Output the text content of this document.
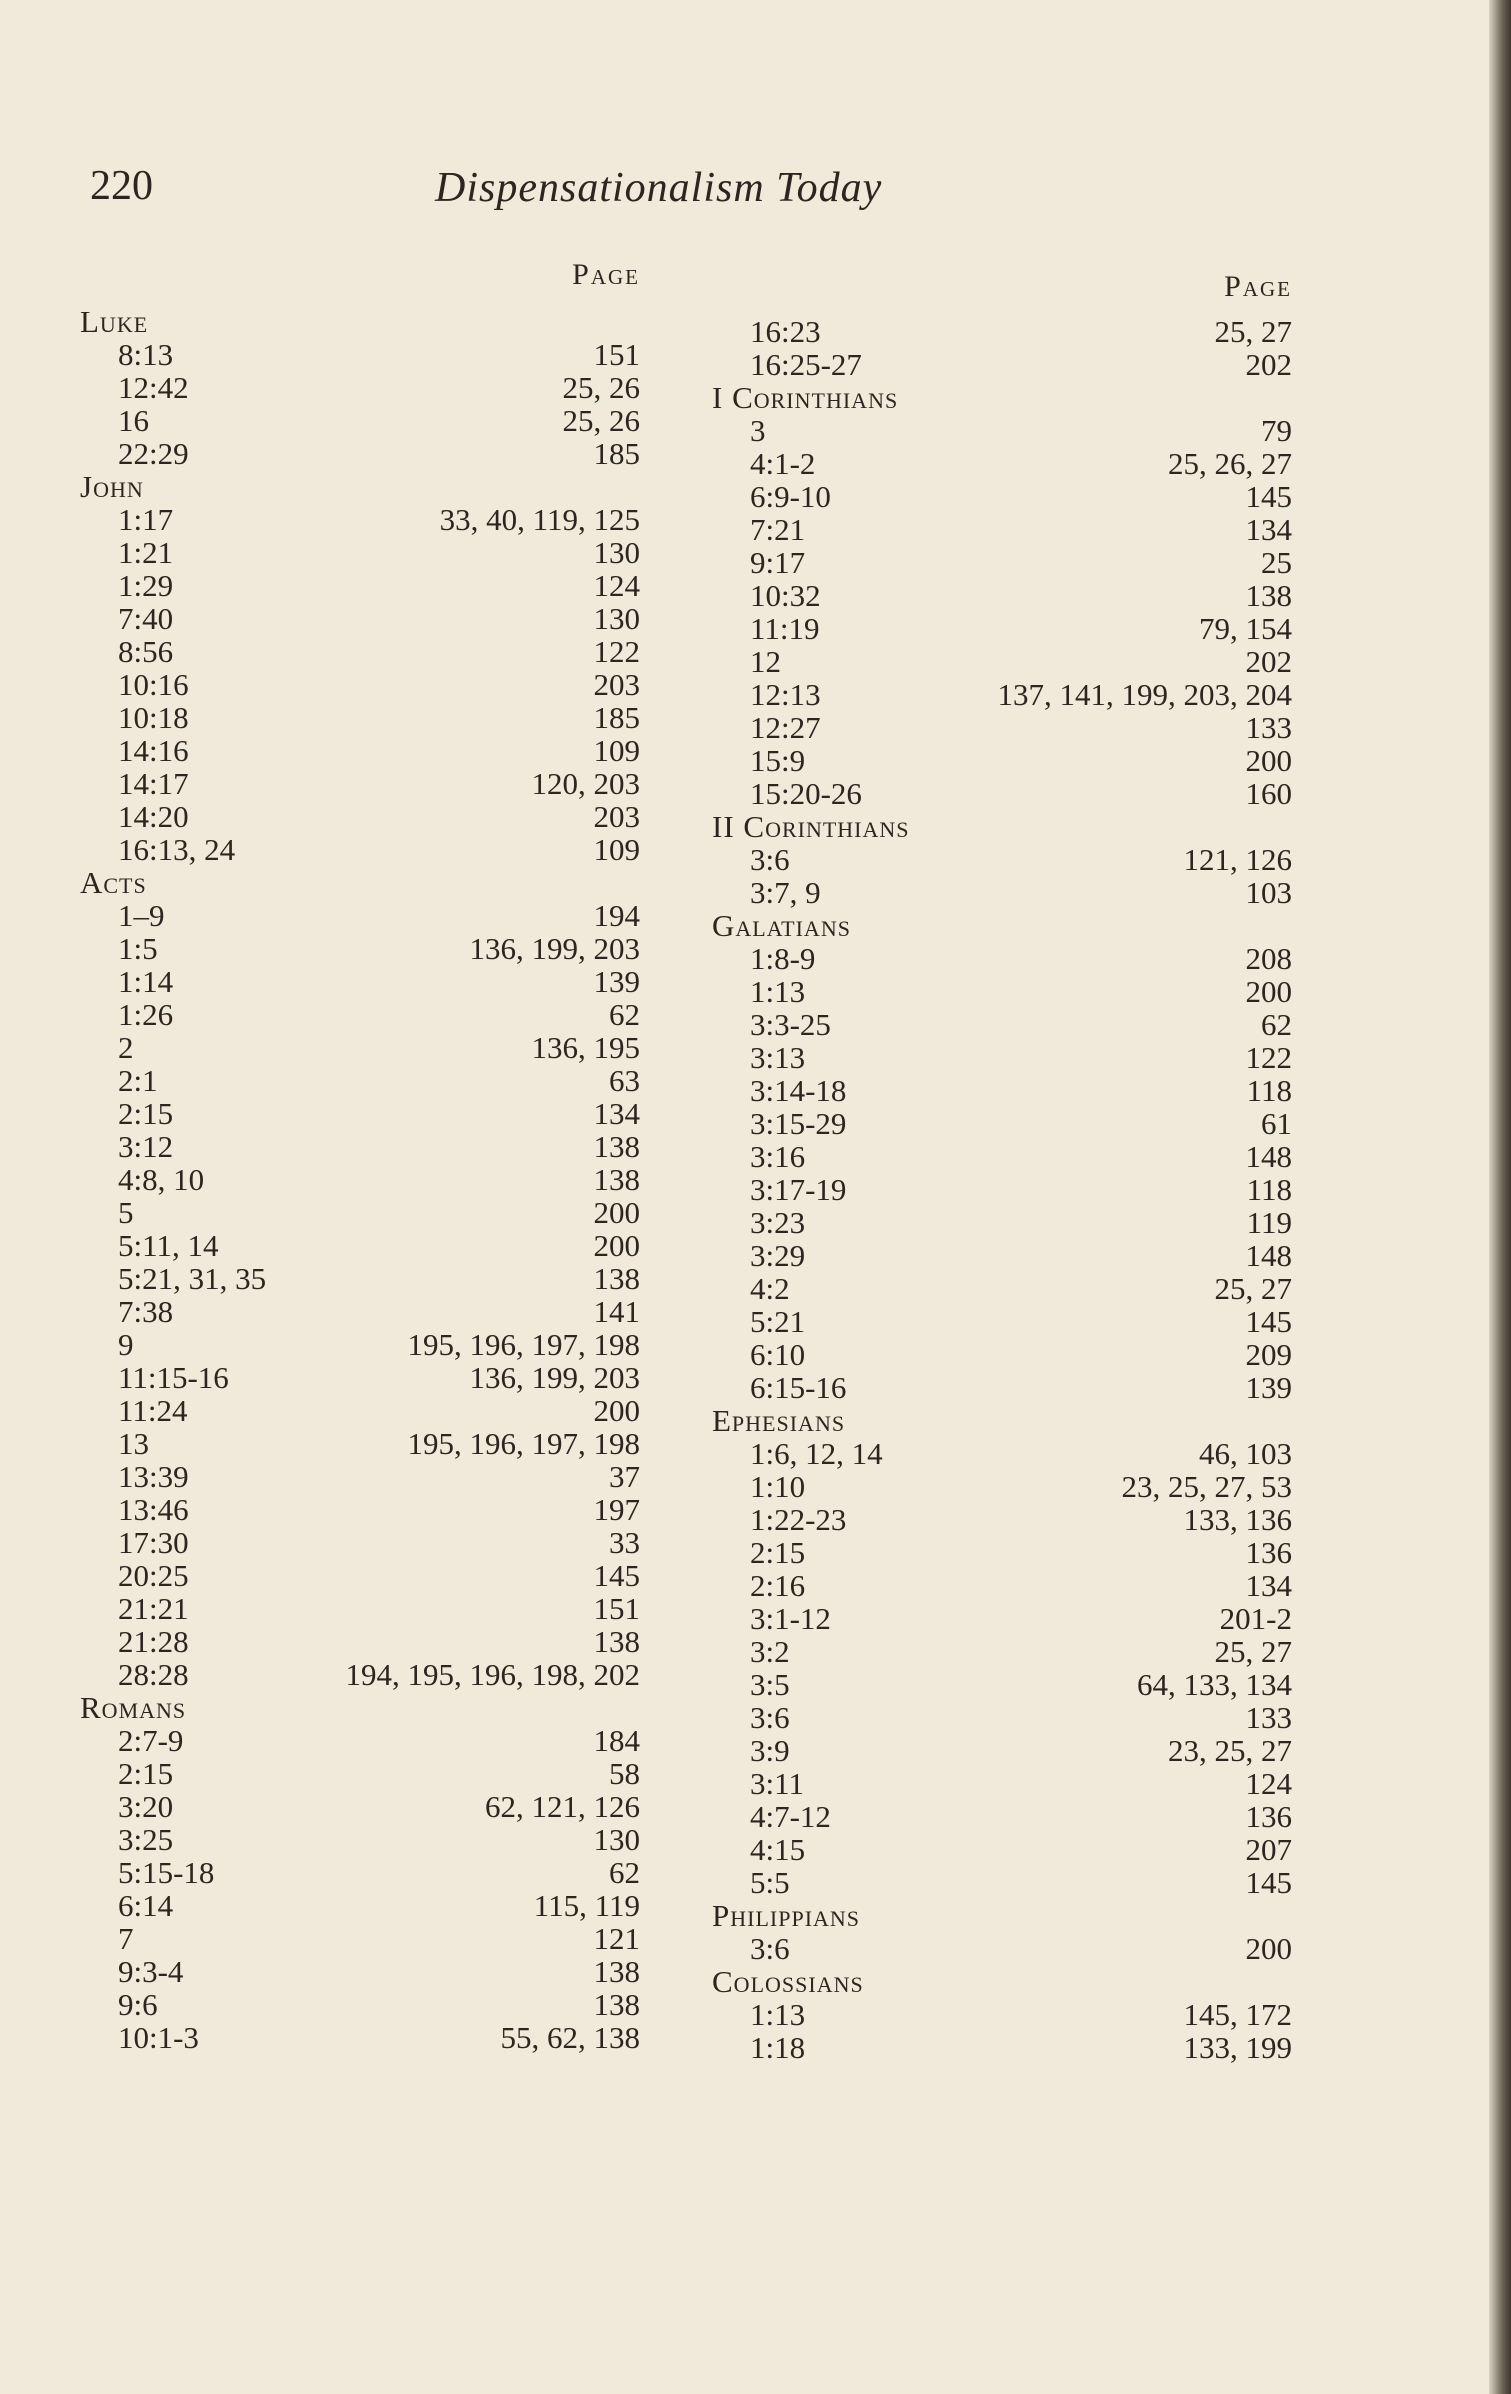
220	Dispensationalism Today
Page
Luke
8:13	151
12:42	25, 26
16	25, 26
22:29	185
John
1:17	33, 40, 119, 125
1:21	130
1:29	124
7:40	130
8:56	122
10:16	203
10:18	185
14:16	109
14:17	120, 203
14:20	203
16:13, 24	109
Acts
1–9	194
1:5	136, 199, 203
1:14	139
1:26	62
2	136, 195
2:1	63
2:15	134
3:12	138
4:8, 10	138
5	200
5:11, 14	200
5:21, 31, 35	138
7:38	141
9	195, 196, 197, 198
11:15-16	136, 199, 203
11:24	200
13	195, 196, 197, 198
13:39	37
13:46	197
17:30	33
20:25	145
21:21	151
21:28	138
28:28	194, 195, 196, 198, 202
Romans
2:7-9	184
2:15	58
3:20	62, 121, 126
3:25	130
5:15-18	62
6:14	115, 119
7	121
9:3-4	138
9:6	138
10:1-3	55, 62, 138
Page
16:23	25, 27
16:25-27	202
I Corinthians
3	79
4:1-2	25, 26, 27
6:9-10	145
7:21	134
9:17	25
10:32	138
11:19	79, 154
12	202
12:13	137, 141, 199, 203, 204
12:27	133
15:9	200
15:20-26	160
II Corinthians
3:6	121, 126
3:7, 9	103
Galatians
1:8-9	208
1:13	200
3:3-25	62
3:13	122
3:14-18	118
3:15-29	61
3:16	148
3:17-19	118
3:23	119
3:29	148
4:2	25, 27
5:21	145
6:10	209
6:15-16	139
Ephesians
1:6, 12, 14	46, 103
1:10	23, 25, 27, 53
1:22-23	133, 136
2:15	136
2:16	134
3:1-12	201-2
3:2	25, 27
3:5	64, 133, 134
3:6	133
3:9	23, 25, 27
3:11	124
4:7-12	136
4:15	207
5:5	145
Philippians
3:6	200
Colossians
1:13	145, 172
1:18	133, 199
